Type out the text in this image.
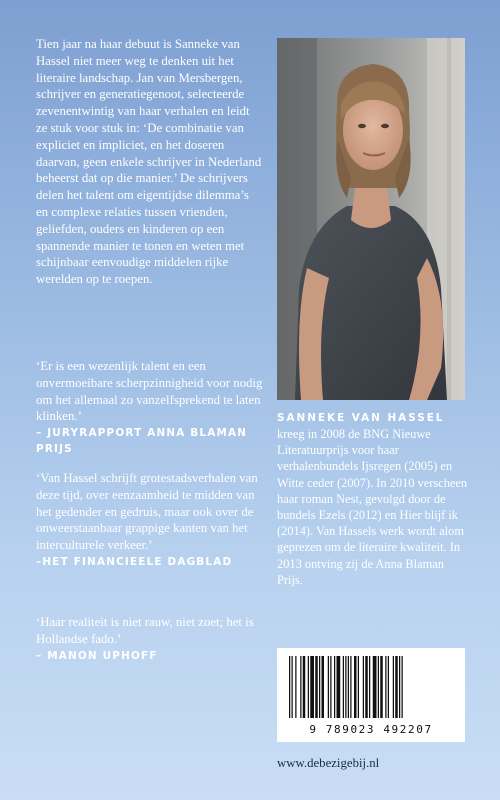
Tien jaar na haar debuut is Sanneke van Hassel niet meer weg te denken uit het literaire landschap. Jan van Mersbergen, schrijver en generatiegenoot, selecteerde zevenentwintig van haar verhalen en leidt ze stuk voor stuk in: ‘De combinatie van expliciet en impliciet, en het doseren daarvan, geen enkele schrijver in Nederland beheerst dat op die manier.’ De schrijvers delen het talent om eigentijdse dilemma’s en complexe relaties tussen vrienden, geliefden, ouders en kinderen op een spannende manier te tonen en weten met schijnbaar eenvoudige middelen rijke werelden op te roepen.

‘Er is een wezenlijk talent en een onvermoeibare scherpzinnigheid voor nodig om het allemaal zo vanzelfsprekend te laten klinken.’

– JURYRAPPORT ANNA BLAMAN PRIJS

‘Van Hassel schrijft grotestadsverhalen van deze tijd, over eenzaamheid te midden van het gedender en gedruis, maar ook over de onweerstaanbaar grappige kanten van het interculturele verkeer.’

–HET FINANCIEELE DAGBLAD

‘Haar realiteit is niet rauw, niet zoet; het is Hollandse fado.’

– MANON UPHOFF

SANNEKE VAN HASSEL
kreeg in 2008 de BNG Nieuwe Literatuurprijs voor haar verhalenbundels Ijsregen (2005) en Witte ceder (2007). In 2010 verscheen haar roman Nest, gevolgd door de bundels Ezels (2012) en Hier blijf ik (2014). Van Hassels werk wordt alom geprezen om de literaire kwaliteit. In 2013 ontving zij de Anna Blaman Prijs.

9 789023 492207

www.debezigebij.nl
